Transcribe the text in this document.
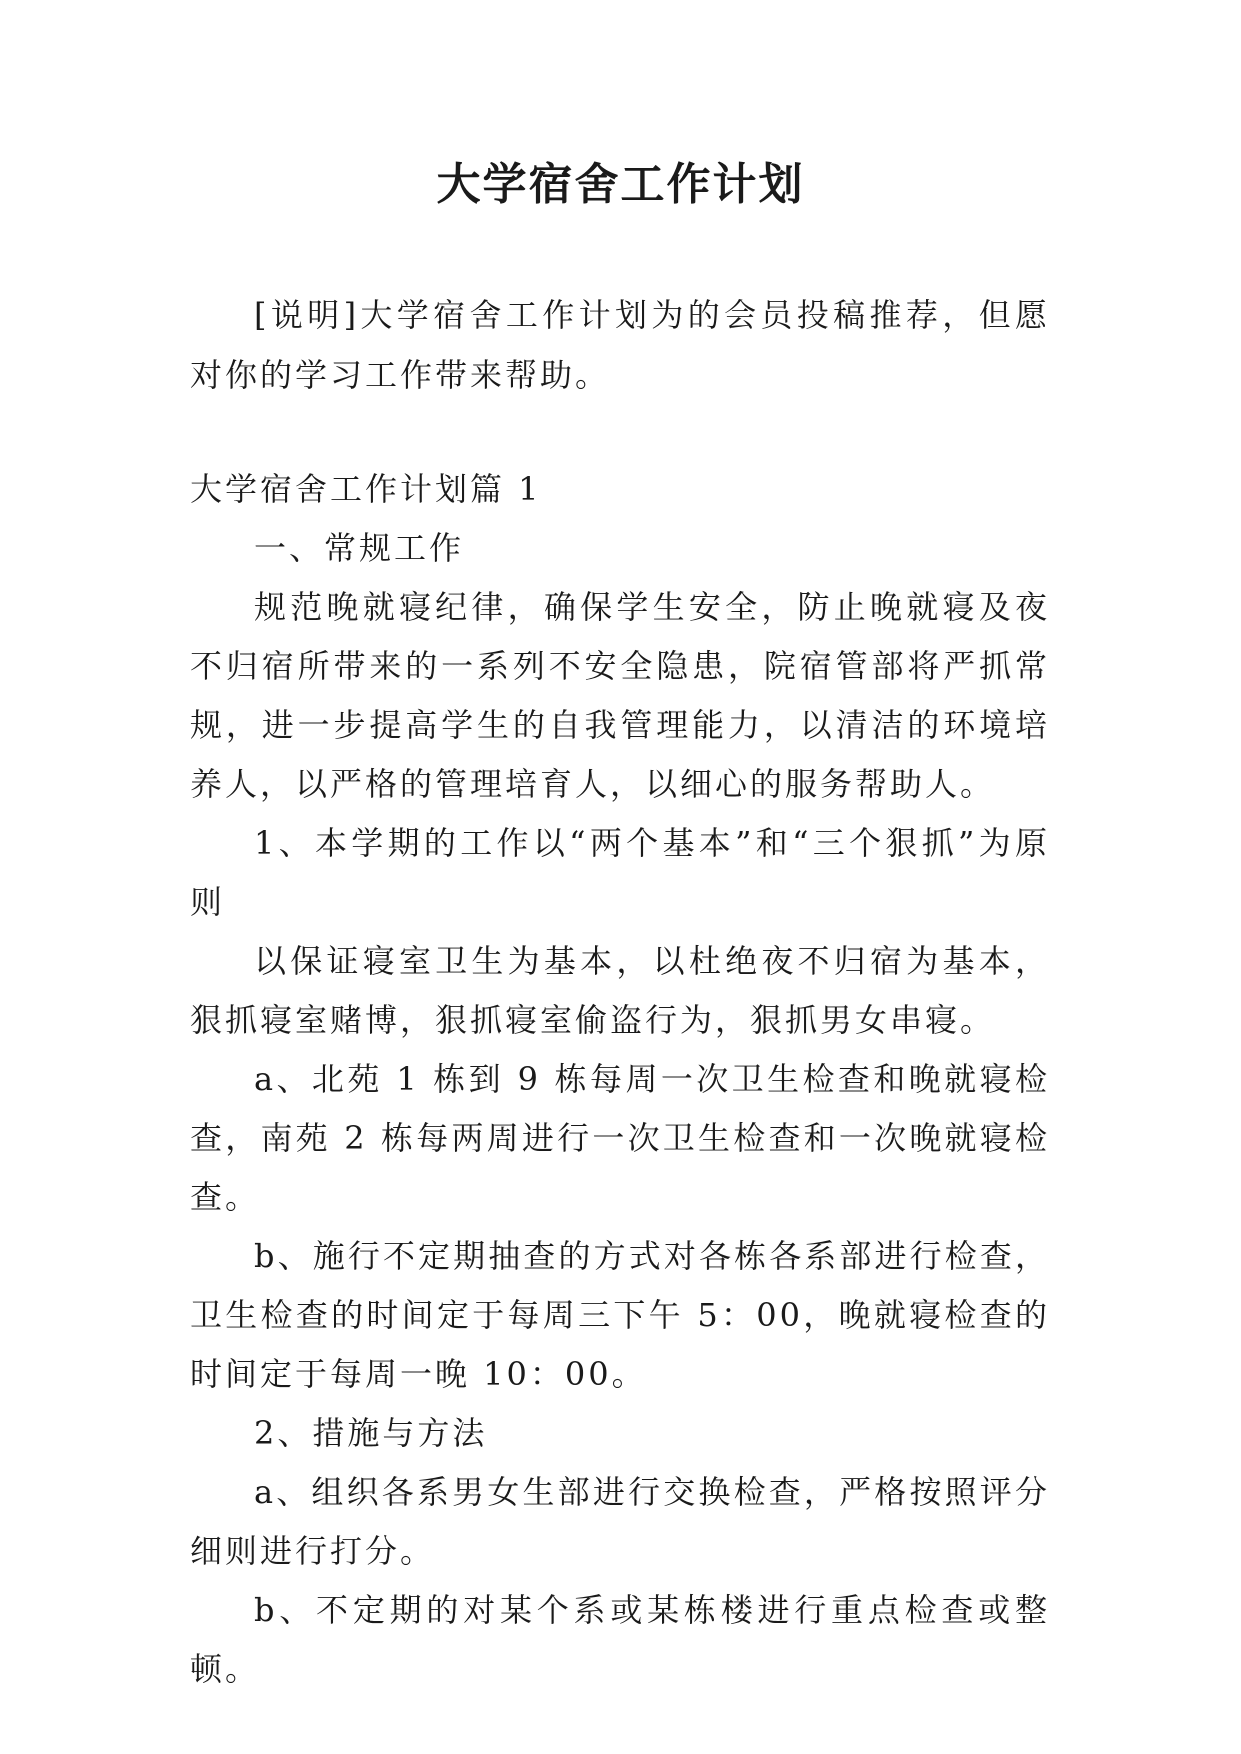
大学宿舍工作计划

[说明]大学宿舍工作计划为的会员投稿推荐，但愿对你的学习工作带来帮助。

大学宿舍工作计划篇 1

一、常规工作

规范晚就寝纪律，确保学生安全，防止晚就寝及夜不归宿所带来的一系列不安全隐患，院宿管部将严抓常规，进一步提高学生的自我管理能力，以清洁的环境培养人，以严格的管理培育人，以细心的服务帮助人。

1、本学期的工作以“两个基本”和“三个狠抓”为原则

以保证寝室卫生为基本，以杜绝夜不归宿为基本，狠抓寝室赌博，狠抓寝室偷盗行为，狠抓男女串寝。

a、北苑 1 栋到 9 栋每周一次卫生检查和晚就寝检查，南苑 2 栋每两周进行一次卫生检查和一次晚就寝检查。

b、施行不定期抽查的方式对各栋各系部进行检查，卫生检查的时间定于每周三下午 5：00，晚就寝检查的时间定于每周一晚 10：00。

2、措施与方法

a、组织各系男女生部进行交换检查，严格按照评分细则进行打分。

b、不定期的对某个系或某栋楼进行重点检查或整顿。
